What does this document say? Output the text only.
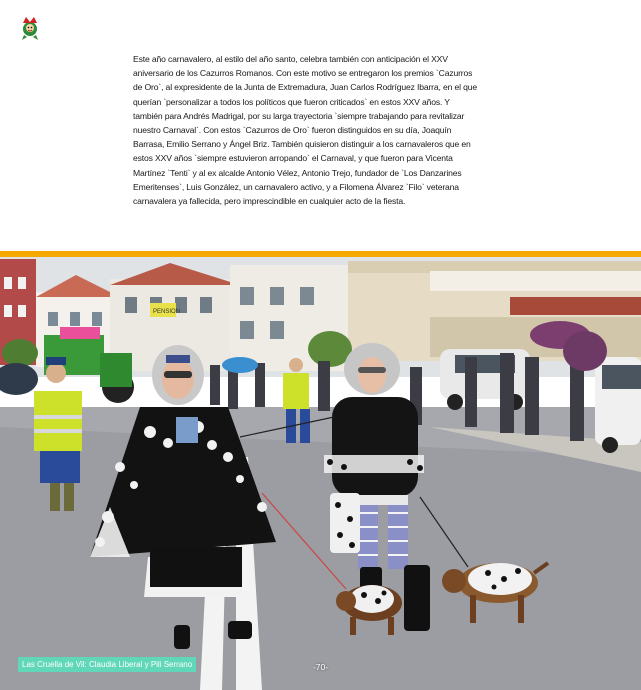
Este año carnavalero, al estilo del año santo, celebra también con anticipación el XXV aniversario de los Cazurros Romanos. Con este motivo se entregaron los premios `Cazurros de Oro`, al expresidente de la Junta de Extremadura, Juan Carlos Rodríguez Ibarra, en el que querían `personalizar a todos los políticos que fueron criticados` en estos XXV años. Y también para Andrés Madrigal, por su larga trayectoria `siempre trabajando para revitalizar nuestro Carnaval`. Con estos `Cazurros de Oro` fueron distinguidos en su día, Joaquín Barrasa, Emilio Serrano y Ángel Briz. También quisieron distinguir a los carnavaleros que en estos XXV años `siempre estuvieron arropando` el Carnaval, y que fueron para Vicenta Martínez `Tenti` y al ex alcalde Antonio Vélez, Antonio Trejo, fundador de `Los Danzarines Emeritenses`, Luis González, un carnavalero activo, y a Filomena Álvarez `Filo` veterana carnavalera ya fallecida, pero imprescindible en cualquier acto de la fiesta.

PENSION
Las Cruella de Vil: Claudia Liberal y Pili Serrano	-70-
